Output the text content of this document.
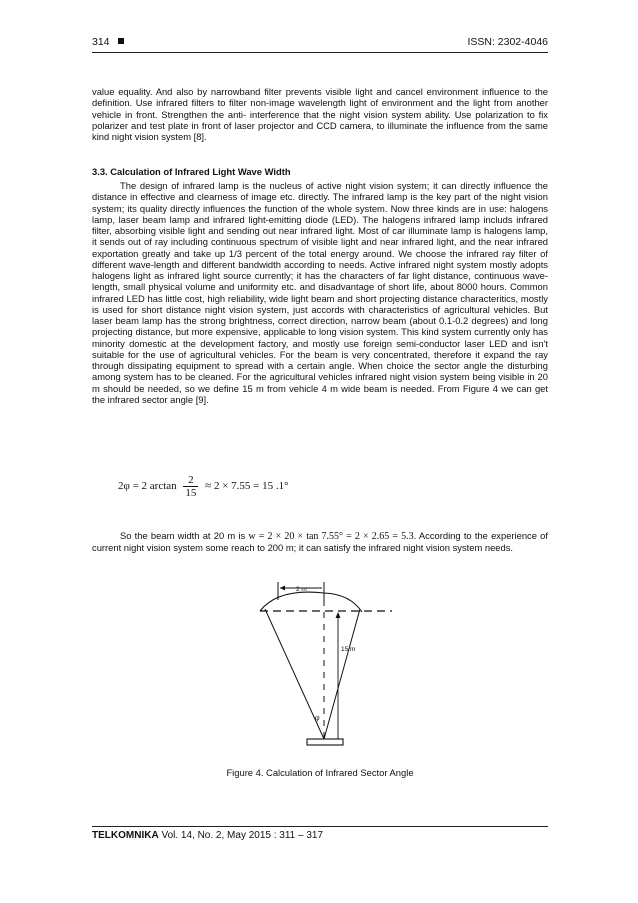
314	ISSN: 2302-4046
value equality. And also by narrowband filter prevents visible light and cancel environment influence to the definition. Use infrared filters to filter non-image wavelength light of environment and the light from another vehicle in front. Strengthen the anti- interference that the night vision system ability. Use polarization to fix polarizer and test plate in front of laser projector and CCD camera, to illuminate the influence from the same kind night vision system [8].
3.3. Calculation of Infrared Light Wave Width
The design of infrared lamp is the nucleus of active night vision system; it can directly influence the distance in effective and clearness of image etc. directly. The infrared lamp is the key part of the night vision system; its quality directly influences the function of the whole system. Now three kinds are in use: halogens lamp, laser beam lamp and infrared light-emitting diode (LED). The halogens infrared lamp includs infrared filter, absorbing visible light and sending out near infrared light. Most of car illuminate lamp is halogens lamp, it sends out of ray including continuous spectrum of visible light and near infrared light, and the near infrared exportation greatly and take up 1/3 percent of the total energy around. We choose the infrared ray filter of different wave-length and different bandwidth according to needs. Active infrared night system mostly adopts halogens light as infrared light source currently; it has the characters of far light distance, continuous wave-length, small physical volume and uniformity etc. and disadvantage of short life, about 8000 hours. Common infrared LED has little cost, high reliability, wide light beam and short projecting distance characteritics, mostly is used for short distance night vision system, just accords with characteristics of agricultural vehicles. But laser beam lamp has the strong brightness, correct direction, narrow beam (about 0.1-0.2 degrees) and long projecting distance, but more expensive, applicable to long vision system. This kind system currently only has minority domestic at the development factory, and mostly use foreign semi-conductor laser LED and isn't suitable for the use of agricultural vehicles. For the beam is very concentrated, therefore it expand the ray through dissipating equipment to spread with a certain angle. When choice the sector angle the disturbing among system has to be cleaned. For the agricultural vehicles infrared night vision system being visible in 20 m should be needed, so we define 15 m from vehicle 4 m wide beam is needed. From Figure 4 we can get the infrared sector angle [9].
2φ = 2 $\arctan \frac{2}{15} \approx 2 \times 7.55 = 15$ .1°
So the beam width at 20 m is w = 2 × 20 × tan 7.55° = 2 × 2.65 = 5.3. According to the experience of current night vision system some reach to 200 m; it can satisfy the infrared night vision system needs.
2 m
15 m
φ
Figure 4. Calculation of Infrared Sector Angle
TELKOMNIKA Vol. 14, No. 2, May 2015 : 311 – 317
